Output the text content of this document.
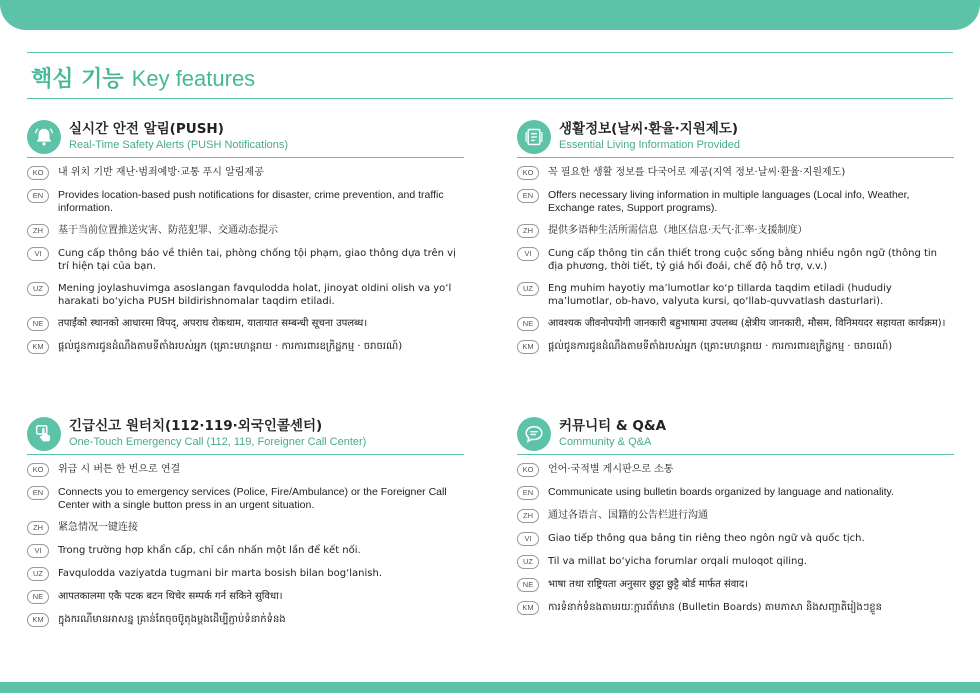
핵심 기능 Key features
실시간 안전 알림(PUSH)
Real-Time Safety Alerts (PUSH Notifications)
KO	내 위치 기반 재난·범죄예방·교통 푸시 알림제공
EN	Provides location-based push notifications for disaster, crime prevention, and traffic information.
ZH	基于当前位置推送灾害、防范犯罪、交通动态提示
VI	Cung cấp thông báo về thiên tai, phòng chống tội phạm, giao thông dựa trên vị trí hiện tại của bạn.
UZ	Mening joylashuvimga asoslangan favqulodda holat, jinoyat oldini olish va yo‘l harakati bo‘yicha PUSH bildirishnomalar taqdim etiladi.
NE	तपाईंको स्थानको आधारमा विपद्, अपराध रोकथाम, यातायात सम्बन्धी सूचना उपलब्ध।
KM	ផ្តល់ជូនការជូនដំណឹងតាមទីតាំងរបស់អ្នក (គ្រោះមហន្តរាយ · ការការពារឧក្រិដ្ឋកម្ម · ចរាចរណ៍)
생활정보(날씨·환율·지원제도)
Essential Living Information Provided
KO	꼭 필요한 생활 정보를 다국어로 제공(지역 정보·날씨·환율·지원제도)
EN	Offers necessary living information in multiple languages (Local info, Weather, Exchange rates, Support programs).
ZH	提供多语种生活所需信息（地区信息·天气·汇率·支援制度）
VI	Cung cấp thông tin cần thiết trong cuộc sống bằng nhiều ngôn ngữ (thông tin địa phương, thời tiết, tỷ giá hối đoái, chế độ hỗ trợ, v.v.)
UZ	Eng muhim hayotiy ma’lumotlar ko‘p tillarda taqdim etiladi (hududiy ma’lumotlar, ob-havo, valyuta kursi, qo‘llab-quvvatlash dasturlari).
NE	आवश्यक जीवनोपयोगी जानकारी बहुभाषामा उपलब्ध (क्षेत्रीय जानकारी, मौसम, विनिमयदर सहायता कार्यक्रम)।
KM	ផ្តល់ជូនការជូនដំណឹងតាមទីតាំងរបស់អ្នក (គ្រោះមហន្តរាយ · ការការពារឧក្រិដ្ឋកម្ម · ចរាចរណ៍)
긴급신고 원터치(112·119·외국인콜센터)
One-Touch Emergency Call (112, 119, Foreigner Call Center)
KO	위급 시 버튼 한 번으로 연결
EN	Connects you to emergency services (Police, Fire/Ambulance) or the Foreigner Call Center with a single button press in an urgent situation.
ZH	紧急情况一键连接
VI	Trong trường hợp khẩn cấp, chỉ cần nhấn một lần để kết nối.
UZ	Favqulodda vaziyatda tugmani bir marta bosish bilan bog‘lanish.
NE	आपतकालमा एकै पटक बटन थिचेर सम्पर्क गर्न सकिने सुविधा।
KM	ក្នុងករណីមានអាសន្ន គ្រាន់តែចុចប៊ូតុងម្តងដើម្បីភ្ជាប់ទំនាក់ទំនង
커뮤니티 & Q&A
Community & Q&A
KO	언어·국적별 게시판으로 소통
EN	Communicate using bulletin boards organized by language and nationality.
ZH	通过各语言、国籍的公告栏进行沟通
VI	Giao tiếp thông qua bảng tin riêng theo ngôn ngữ và quốc tịch.
UZ	Til va millat bo‘yicha forumlar orqali muloqot qiling.
NE	भाषा तथा राष्ट्रियता अनुसार छुट्टा छुट्टै बोर्ड मार्फत संवाद।
KM	ការទំនាក់ទំនងតាមរយៈក្តារព័ត៌មាន (Bulletin Boards) តាមភាសា និងសញ្ជាតិរៀងៗខ្លួន
